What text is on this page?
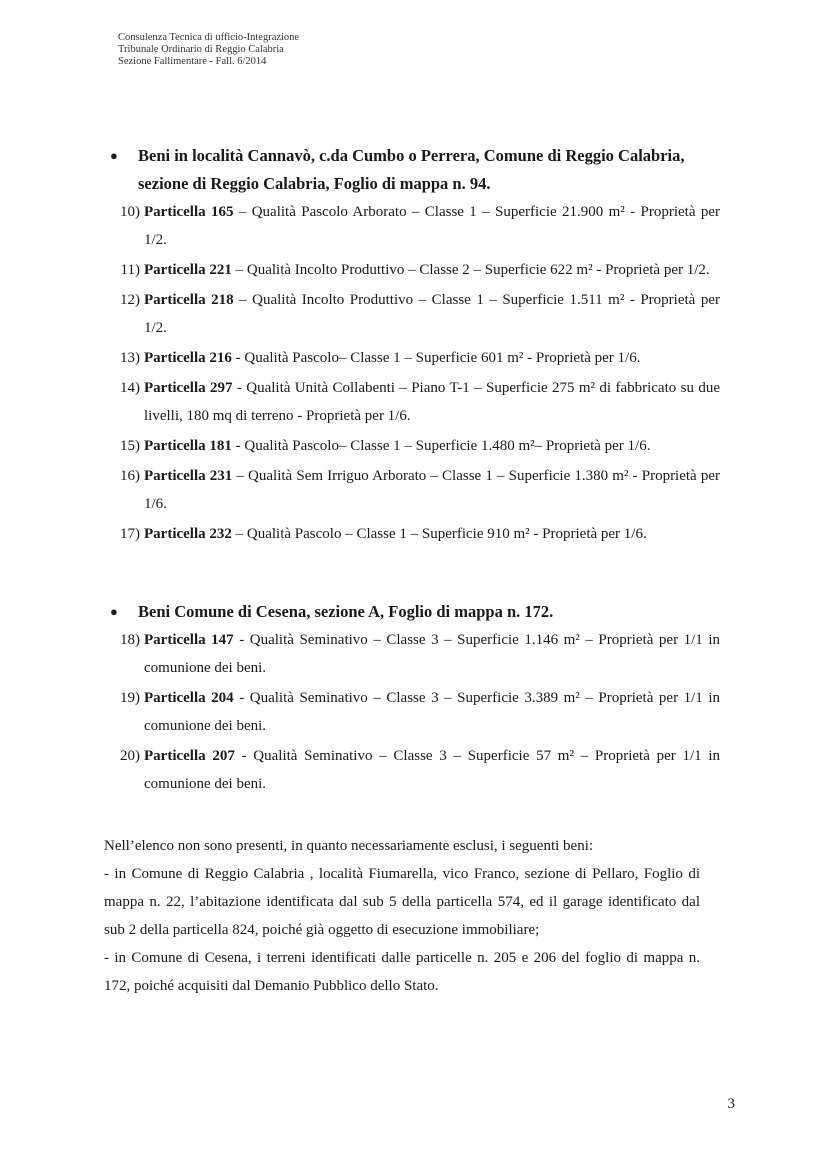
Consulenza Tecnica di ufficio-Integrazione
Tribunale Ordinario di Reggio Calabria
Sezione Fallimentare - Fall. 6/2014
● Beni in località Cannavò, c.da Cumbo o Perrera, Comune di Reggio Calabria, sezione di Reggio Calabria, Foglio di mappa n. 94.
10) Particella 165 – Qualità Pascolo Arborato – Classe 1 – Superficie 21.900 m² - Proprietà per 1/2.
11) Particella 221 – Qualità Incolto Produttivo – Classe 2 – Superficie 622 m² - Proprietà per 1/2.
12) Particella 218 – Qualità Incolto Produttivo – Classe 1 – Superficie 1.511 m² - Proprietà per 1/2.
13) Particella 216 - Qualità Pascolo– Classe 1 – Superficie 601 m² - Proprietà per 1/6.
14) Particella 297 - Qualità Unità Collabenti – Piano T-1 – Superficie 275 m² di fabbricato su due livelli, 180 mq di terreno - Proprietà per 1/6.
15) Particella 181 - Qualità Pascolo– Classe 1 – Superficie 1.480 m²– Proprietà per 1/6.
16) Particella 231 – Qualità Sem Irriguo Arborato – Classe 1 – Superficie 1.380 m² - Proprietà per 1/6.
17) Particella 232 – Qualità Pascolo – Classe 1 – Superficie 910 m² - Proprietà per 1/6.
● Beni Comune di Cesena, sezione A, Foglio di mappa n. 172.
18) Particella 147 - Qualità Seminativo – Classe 3 – Superficie 1.146 m² – Proprietà per 1/1 in comunione dei beni.
19) Particella 204 - Qualità Seminativo – Classe 3 – Superficie 3.389 m² – Proprietà per 1/1 in comunione dei beni.
20) Particella 207 - Qualità Seminativo – Classe 3 – Superficie 57 m² – Proprietà per 1/1 in comunione dei beni.

Nell’elenco non sono presenti, in quanto necessariamente esclusi, i seguenti beni:

- in Comune di Reggio Calabria , località Fiumarella, vico Franco, sezione di Pellaro, Foglio di mappa n. 22, l’abitazione identificata dal sub 5 della particella 574, ed il garage identificato dal sub 2 della particella 824, poiché già oggetto di esecuzione immobiliare;

- in Comune di Cesena, i terreni identificati dalle particelle n. 205 e 206 del foglio di mappa n. 172, poiché acquisiti dal Demanio Pubblico dello Stato.

3
